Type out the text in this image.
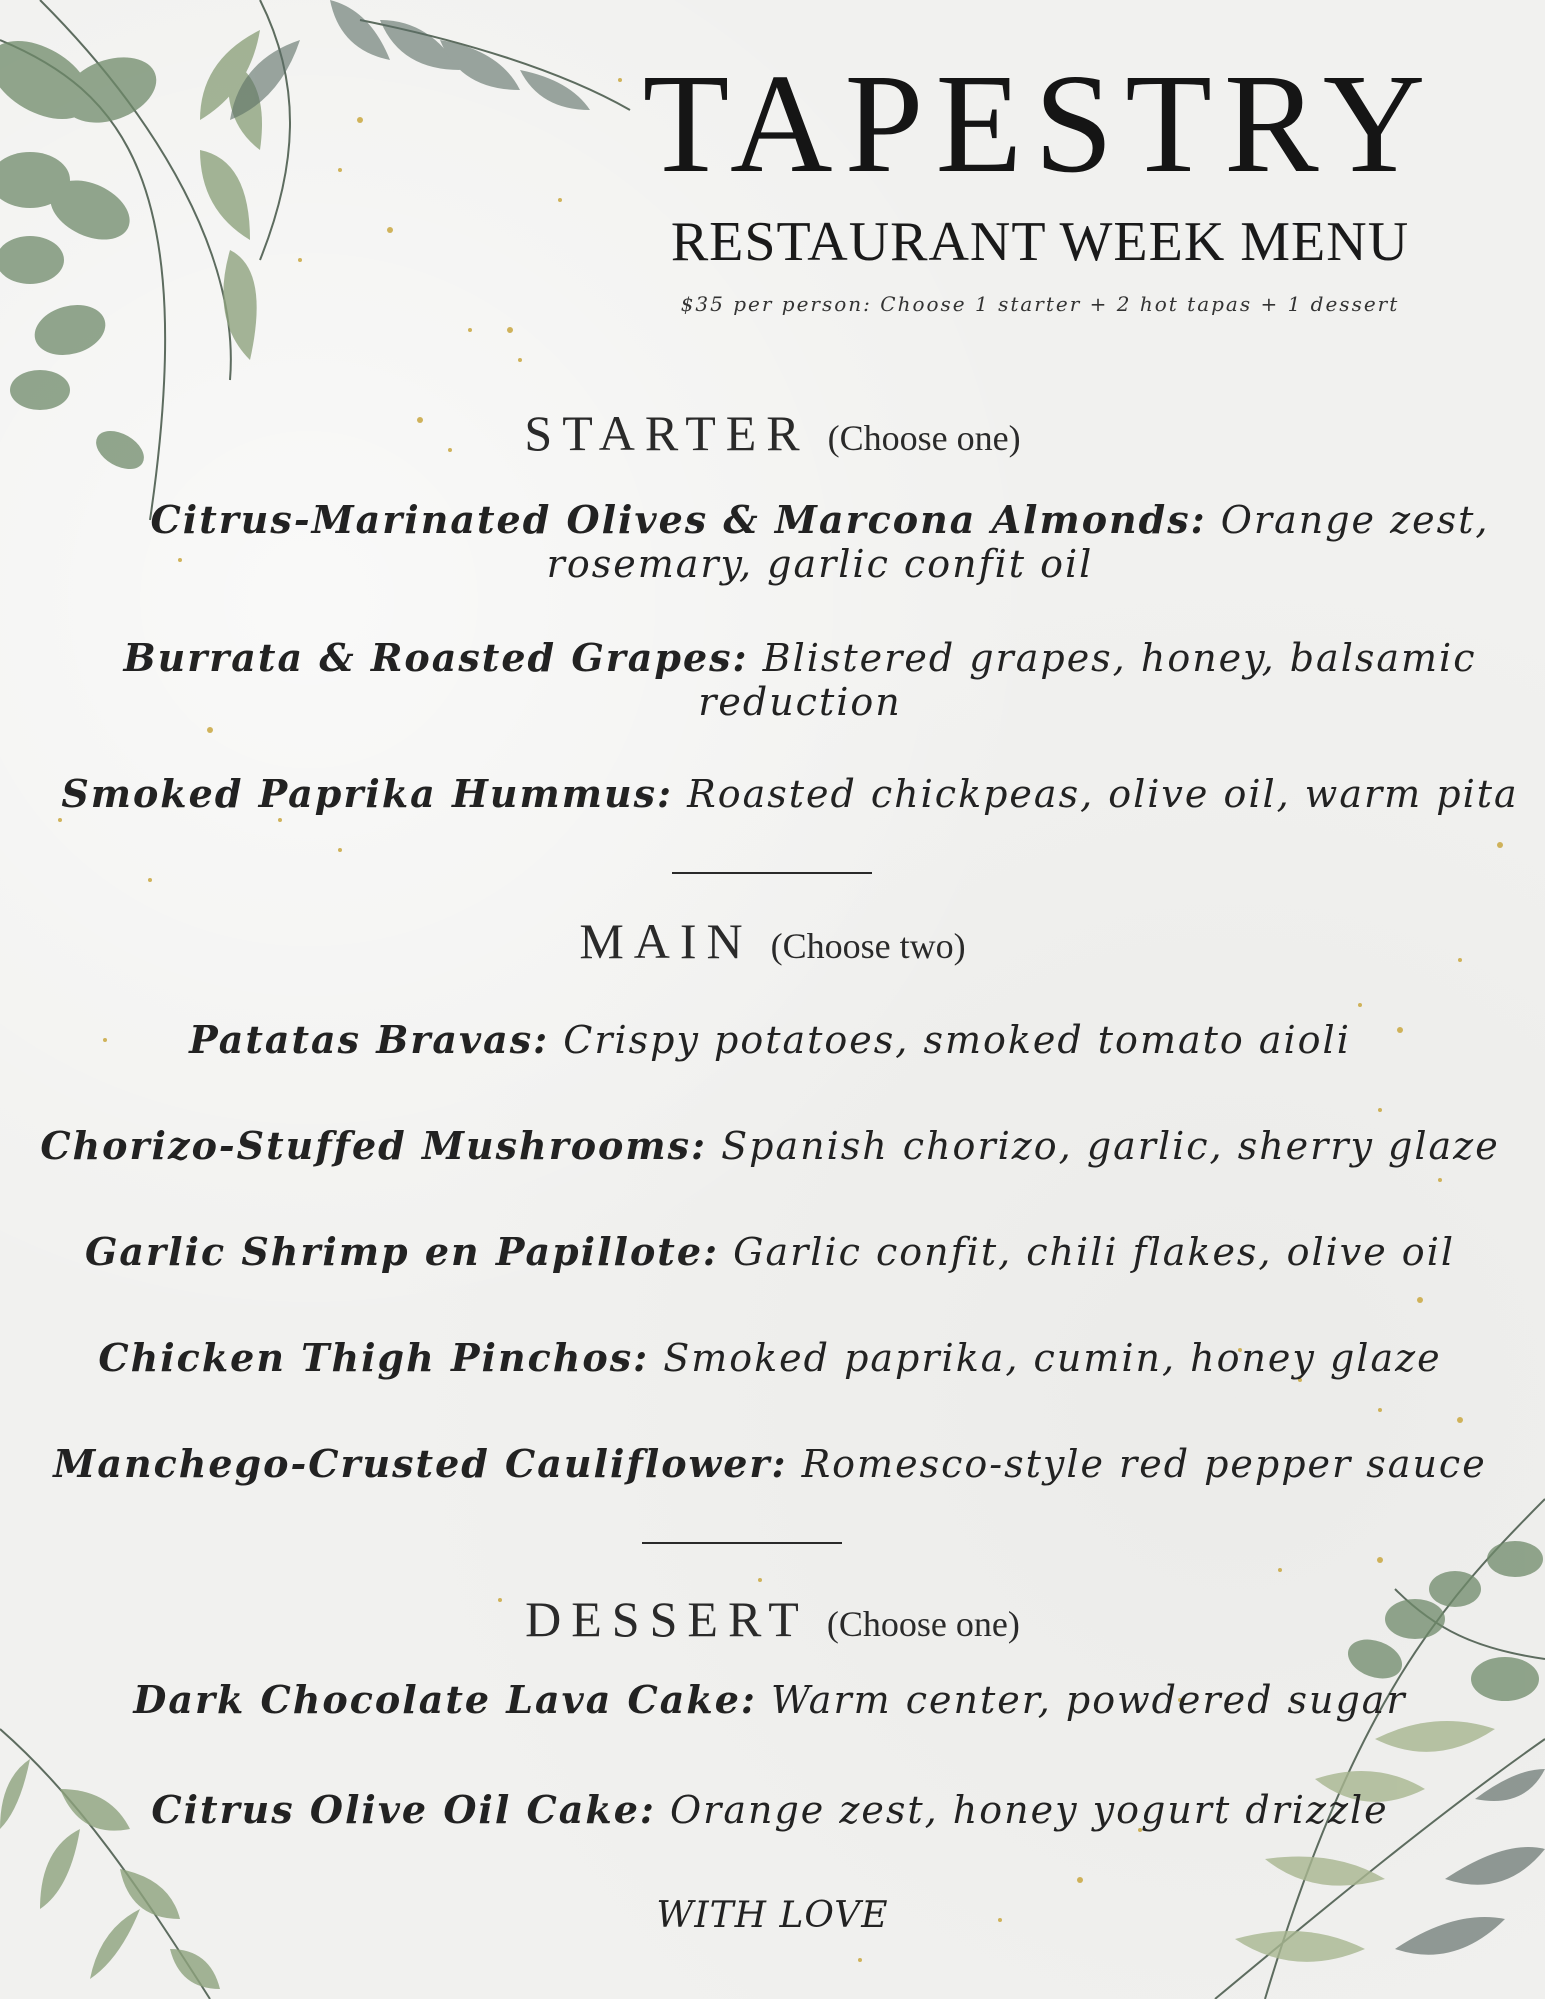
TAPESTRY
RESTAURANT WEEK MENU
$35 per person: Choose 1 starter + 2 hot tapas + 1 dessert
STARTER (Choose one)
Citrus-Marinated Olives & Marcona Almonds: Orange zest, rosemary, garlic confit oil
Burrata & Roasted Grapes: Blistered grapes, honey, balsamic reduction
Smoked Paprika Hummus: Roasted chickpeas, olive oil, warm pita
MAIN (Choose two)
Patatas Bravas: Crispy potatoes, smoked tomato aioli
Chorizo-Stuffed Mushrooms: Spanish chorizo, garlic, sherry glaze
Garlic Shrimp en Papillote: Garlic confit, chili flakes, olive oil
Chicken Thigh Pinchos: Smoked paprika, cumin, honey glaze
Manchego-Crusted Cauliflower: Romesco-style red pepper sauce
DESSERT (Choose one)
Dark Chocolate Lava Cake: Warm center, powdered sugar
Citrus Olive Oil Cake: Orange zest, honey yogurt drizzle
WITH LOVE
